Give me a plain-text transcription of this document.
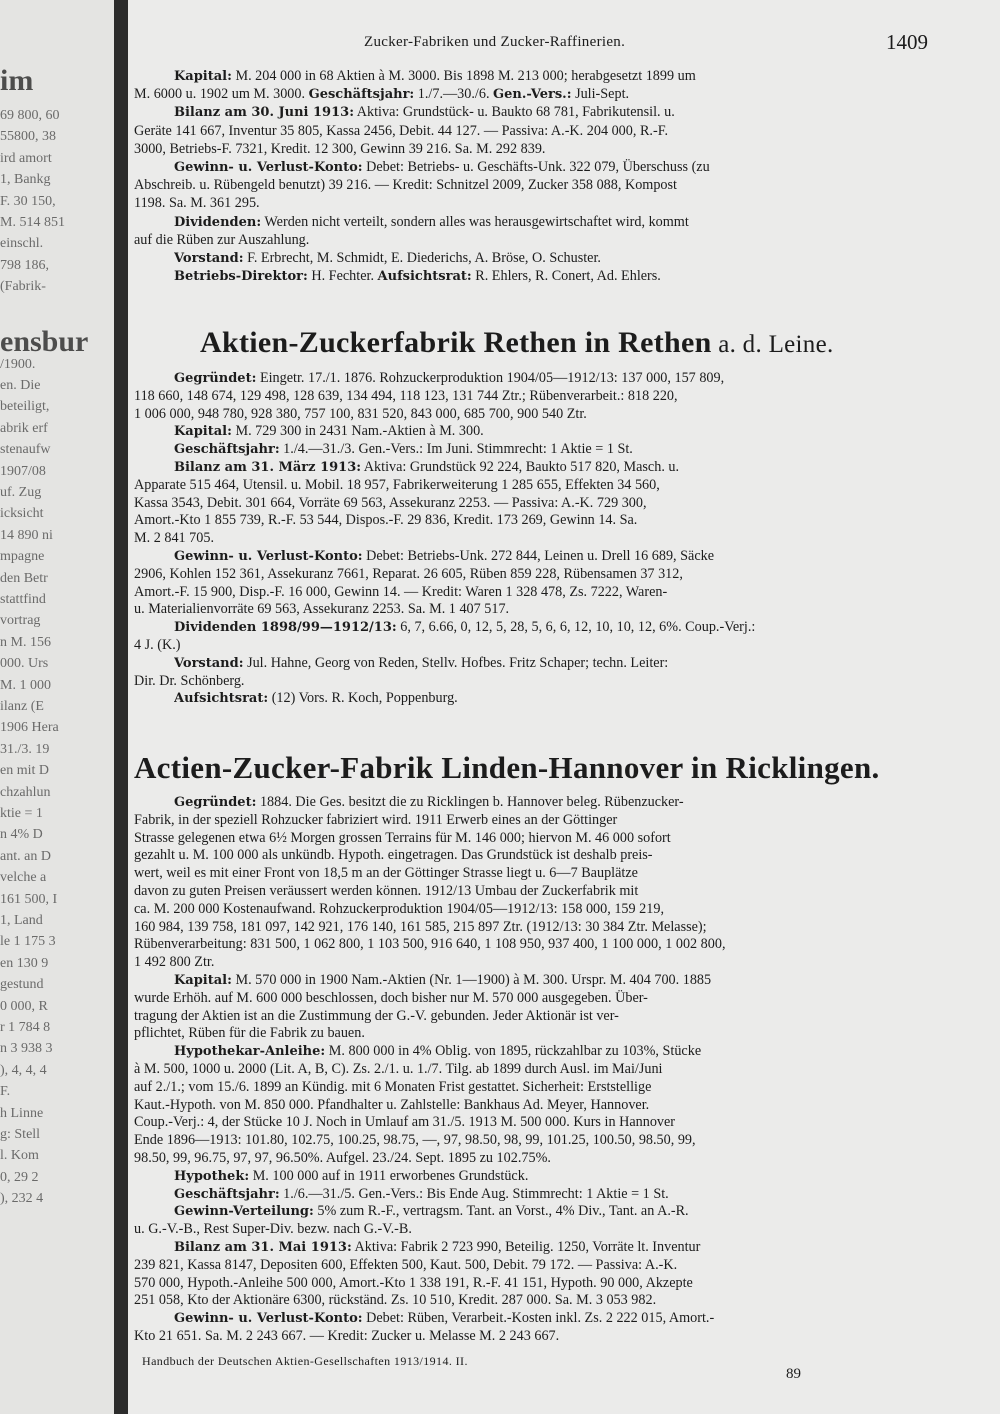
im
69 800, 60
55800, 38
ird amort
1, Bankg
F. 30 150,
M. 514 851
einschl.
798 186,
(Fabrik-
ensbur
/1900.
en. Die
beteiligt,
abrik erf
stenaufw
1907/08
uf. Zug
icksicht
14 890 ni
mpagne
den Betr
stattfind
vortrag
n M. 156
000. Urs
M. 1 000
ilanz (E
1906 Hera
31./3. 19
en mit D
chzahlun
ktie = 1
n 4% D
ant. an D
velche a
161 500, I
1, Land
le 1 175 3
en 130 9
gestund
0 000, R
r 1 784 8
n 3 938 3
), 4, 4, 4
F.
h Linne
g: Stell
l. Kom
0, 29 2
), 232 4
Zucker-Fabriken und Zucker-Raffinerien.	1409
Kapital: M. 204 000 in 68 Aktien à M. 3000. Bis 1898 M. 213 000; herabgesetzt 1899 um
M. 6000 u. 1902 um M. 3000. Geschäftsjahr: 1./7.—30./6. Gen.-Vers.: Juli-Sept.
Bilanz am 30. Juni 1913: Aktiva: Grundstück- u. Baukto 68 781, Fabrikutensil. u.
Geräte 141 667, Inventur 35 805, Kassa 2456, Debit. 44 127. — Passiva: A.-K. 204 000, R.-F.
3000, Betriebs-F. 7321, Kredit. 12 300, Gewinn 39 216. Sa. M. 292 839.
Gewinn- u. Verlust-Konto: Debet: Betriebs- u. Geschäfts-Unk. 322 079, Überschuss (zu
Abschreib. u. Rübengeld benutzt) 39 216. — Kredit: Schnitzel 2009, Zucker 358 088, Kompost
1198. Sa. M. 361 295.
Dividenden: Werden nicht verteilt, sondern alles was herausgewirtschaftet wird, kommt
auf die Rüben zur Auszahlung.
Vorstand: F. Erbrecht, M. Schmidt, E. Diederichs, A. Bröse, O. Schuster.
Betriebs-Direktor: H. Fechter. Aufsichtsrat: R. Ehlers, R. Conert, Ad. Ehlers.
Aktien-Zuckerfabrik Rethen in Rethen a. d. Leine.
Gegründet: Eingetr. 17./1. 1876. Rohzuckerproduktion 1904/05—1912/13: 137 000, 157 809,
118 660, 148 674, 129 498, 128 639, 134 494, 118 123, 131 744 Ztr.; Rübenverarbeit.: 818 220,
1 006 000, 948 780, 928 380, 757 100, 831 520, 843 000, 685 700, 900 540 Ztr.
Kapital: M. 729 300 in 2431 Nam.-Aktien à M. 300.
Geschäftsjahr: 1./4.—31./3. Gen.-Vers.: Im Juni. Stimmrecht: 1 Aktie = 1 St.
Bilanz am 31. März 1913: Aktiva: Grundstück 92 224, Baukto 517 820, Masch. u.
Apparate 515 464, Utensil. u. Mobil. 18 957, Fabrikerweiterung 1 285 655, Effekten 34 560,
Kassa 3543, Debit. 301 664, Vorräte 69 563, Assekuranz 2253. — Passiva: A.-K. 729 300,
Amort.-Kto 1 855 739, R.-F. 53 544, Dispos.-F. 29 836, Kredit. 173 269, Gewinn 14. Sa.
M. 2 841 705.
Gewinn- u. Verlust-Konto: Debet: Betriebs-Unk. 272 844, Leinen u. Drell 16 689, Säcke
2906, Kohlen 152 361, Assekuranz 7661, Reparat. 26 605, Rüben 859 228, Rübensamen 37 312,
Amort.-F. 15 900, Disp.-F. 16 000, Gewinn 14. — Kredit: Waren 1 328 478, Zs. 7222, Waren-
u. Materialienvorräte 69 563, Assekuranz 2253. Sa. M. 1 407 517.
Dividenden 1898/99—1912/13: 6, 7, 6.66, 0, 12, 5, 28, 5, 6, 6, 12, 10, 10, 12, 6%. Coup.-Verj.:
4 J. (K.)
Vorstand: Jul. Hahne, Georg von Reden, Stellv. Hofbes. Fritz Schaper; techn. Leiter:
Dir. Dr. Schönberg.
Aufsichtsrat: (12) Vors. R. Koch, Poppenburg.
Actien-Zucker-Fabrik Linden-Hannover in Ricklingen.
Gegründet: 1884. Die Ges. besitzt die zu Ricklingen b. Hannover beleg. Rübenzucker-
Fabrik, in der speziell Rohzucker fabriziert wird. 1911 Erwerb eines an der Göttinger
Strasse gelegenen etwa 6½ Morgen grossen Terrains für M. 146 000; hiervon M. 46 000 sofort
gezahlt u. M. 100 000 als unkündb. Hypoth. eingetragen. Das Grundstück ist deshalb preis-
wert, weil es mit einer Front von 18,5 m an der Göttinger Strasse liegt u. 6—7 Bauplätze
davon zu guten Preisen veräussert werden können. 1912/13 Umbau der Zuckerfabrik mit
ca. M. 200 000 Kostenaufwand. Rohzuckerproduktion 1904/05—1912/13: 158 000, 159 219,
160 984, 139 758, 181 097, 142 921, 176 140, 161 585, 215 897 Ztr. (1912/13: 30 384 Ztr. Melasse);
Rübenverarbeitung: 831 500, 1 062 800, 1 103 500, 916 640, 1 108 950, 937 400, 1 100 000, 1 002 800,
1 492 800 Ztr.
Kapital: M. 570 000 in 1900 Nam.-Aktien (Nr. 1—1900) à M. 300. Urspr. M. 404 700. 1885
wurde Erhöh. auf M. 600 000 beschlossen, doch bisher nur M. 570 000 ausgegeben. Über-
tragung der Aktien ist an die Zustimmung der G.-V. gebunden. Jeder Aktionär ist ver-
pflichtet, Rüben für die Fabrik zu bauen.
Hypothekar-Anleihe: M. 800 000 in 4% Oblig. von 1895, rückzahlbar zu 103%, Stücke
à M. 500, 1000 u. 2000 (Lit. A, B, C). Zs. 2./1. u. 1./7. Tilg. ab 1899 durch Ausl. im Mai/Juni
auf 2./1.; vom 15./6. 1899 an Kündig. mit 6 Monaten Frist gestattet. Sicherheit: Erststellige
Kaut.-Hypoth. von M. 850 000. Pfandhalter u. Zahlstelle: Bankhaus Ad. Meyer, Hannover.
Coup.-Verj.: 4, der Stücke 10 J. Noch in Umlauf am 31./5. 1913 M. 500 000. Kurs in Hannover
Ende 1896—1913: 101.80, 102.75, 100.25, 98.75, —, 97, 98.50, 98, 99, 101.25, 100.50, 98.50, 99,
98.50, 99, 96.75, 97, 97, 96.50%. Aufgel. 23./24. Sept. 1895 zu 102.75%.
Hypothek: M. 100 000 auf in 1911 erworbenes Grundstück.
Geschäftsjahr: 1./6.—31./5. Gen.-Vers.: Bis Ende Aug. Stimmrecht: 1 Aktie = 1 St.
Gewinn-Verteilung: 5% zum R.-F., vertragsm. Tant. an Vorst., 4% Div., Tant. an A.-R.
u. G.-V.-B., Rest Super-Div. bezw. nach G.-V.-B.
Bilanz am 31. Mai 1913: Aktiva: Fabrik 2 723 990, Beteilig. 1250, Vorräte lt. Inventur
239 821, Kassa 8147, Depositen 600, Effekten 500, Kaut. 500, Debit. 79 172. — Passiva: A.-K.
570 000, Hypoth.-Anleihe 500 000, Amort.-Kto 1 338 191, R.-F. 41 151, Hypoth. 90 000, Akzepte
251 058, Kto der Aktionäre 6300, rückständ. Zs. 10 510, Kredit. 287 000. Sa. M. 3 053 982.
Gewinn- u. Verlust-Konto: Debet: Rüben, Verarbeit.-Kosten inkl. Zs. 2 222 015, Amort.-
Kto 21 651. Sa. M. 2 243 667. — Kredit: Zucker u. Melasse M. 2 243 667.
Handbuch der Deutschen Aktien-Gesellschaften 1913/1914. II.
89
